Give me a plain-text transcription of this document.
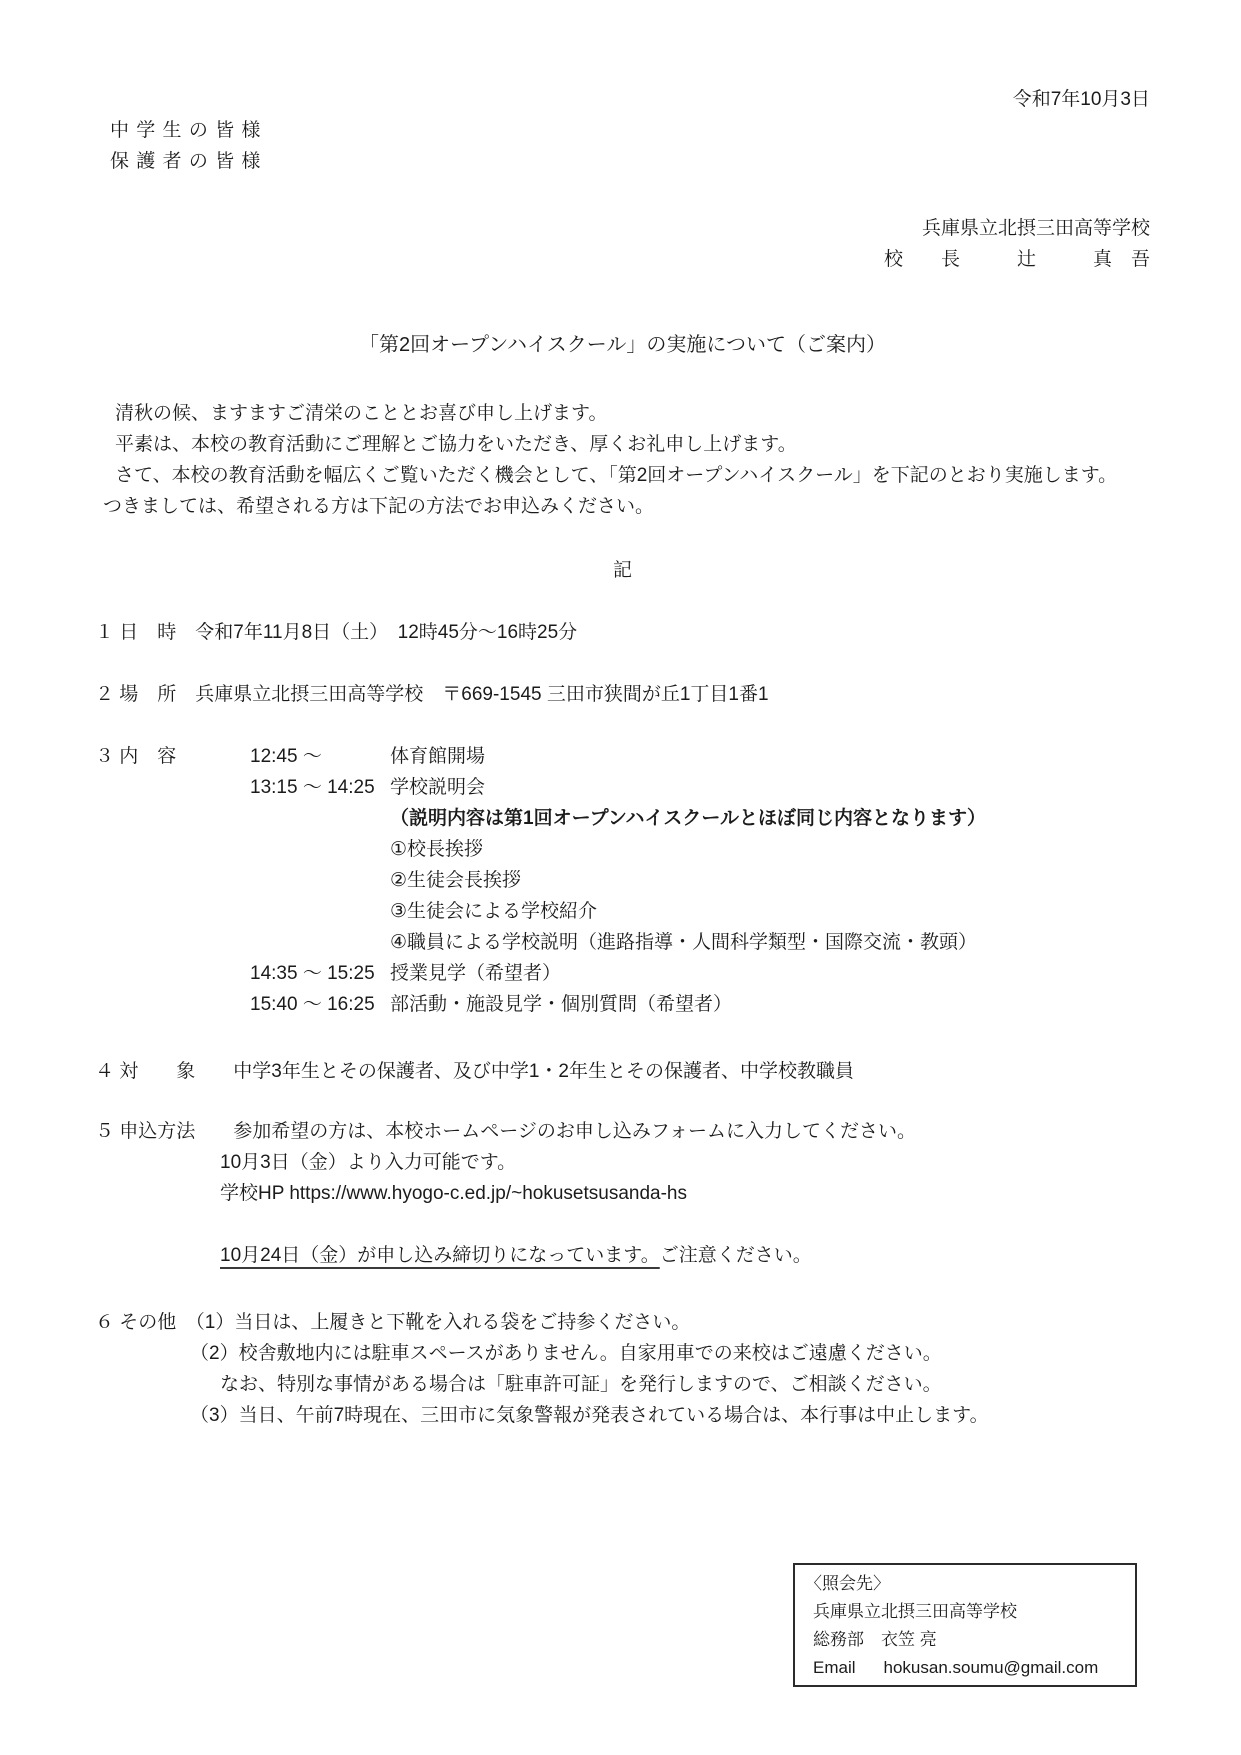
令和7年10月3日
中 学 生 の 皆 様
保 護 者 の 皆 様
兵庫県立北摂三田高等学校
校　　長　　　辻　　　真　吾
「第2回オープンハイスクール」の実施について（ご案内）
清秋の候、ますますご清栄のこととお喜び申し上げます。
平素は、本校の教育活動にご理解とご協力をいただき、厚くお礼申し上げます。
さて、本校の教育活動を幅広くご覧いただく機会として、「第2回オープンハイスクール」を下記のとおり実施します。
つきましては、希望される方は下記の方法でお申込みください。
記
１ 日　時　令和7年11月8日（土）　12時45分～16時25分
２ 場　所　兵庫県立北摂三田高等学校　〒669-1545 三田市狭間が丘1丁目1番1
３ 内　容	12:45 ～	体育館開場
13:15 ～ 14:25 学校説明会
（説明内容は第1回オープンハイスクールとほぼ同じ内容となります）
①校長挨拶
②生徒会長挨拶
③生徒会による学校紹介
④職員による学校説明（進路指導・人間科学類型・国際交流・教頭）
14:35 ～ 15:25 授業見学（希望者）
15:40 ～ 16:25 部活動・施設見学・個別質問（希望者）
４ 対　　象　　中学3年生とその保護者、及び中学1・2年生とその保護者、中学校教職員
５ 申込方法　　参加希望の方は、本校ホームページのお申し込みフォームに入力してください。
10月3日（金）より入力可能です。
学校HP https://www.hyogo-c.ed.jp/~hokusetsusanda-hs
10月24日（金）が申し込み締切りになっています。ご注意ください。
６ その他　（1）当日は、上履きと下靴を入れる袋をご持参ください。
（2）校舎敷地内には駐車スペースがありません。自家用車での来校はご遠慮ください。
なお、特別な事情がある場合は「駐車許可証」を発行しますので、ご相談ください。
（3）当日、午前7時現在、三田市に気象警報が発表されている場合は、本行事は中止します。
〈照会先〉
兵庫県立北摂三田高等学校
総務部　衣笠 亮
Email hokusan.soumu@gmail.com
